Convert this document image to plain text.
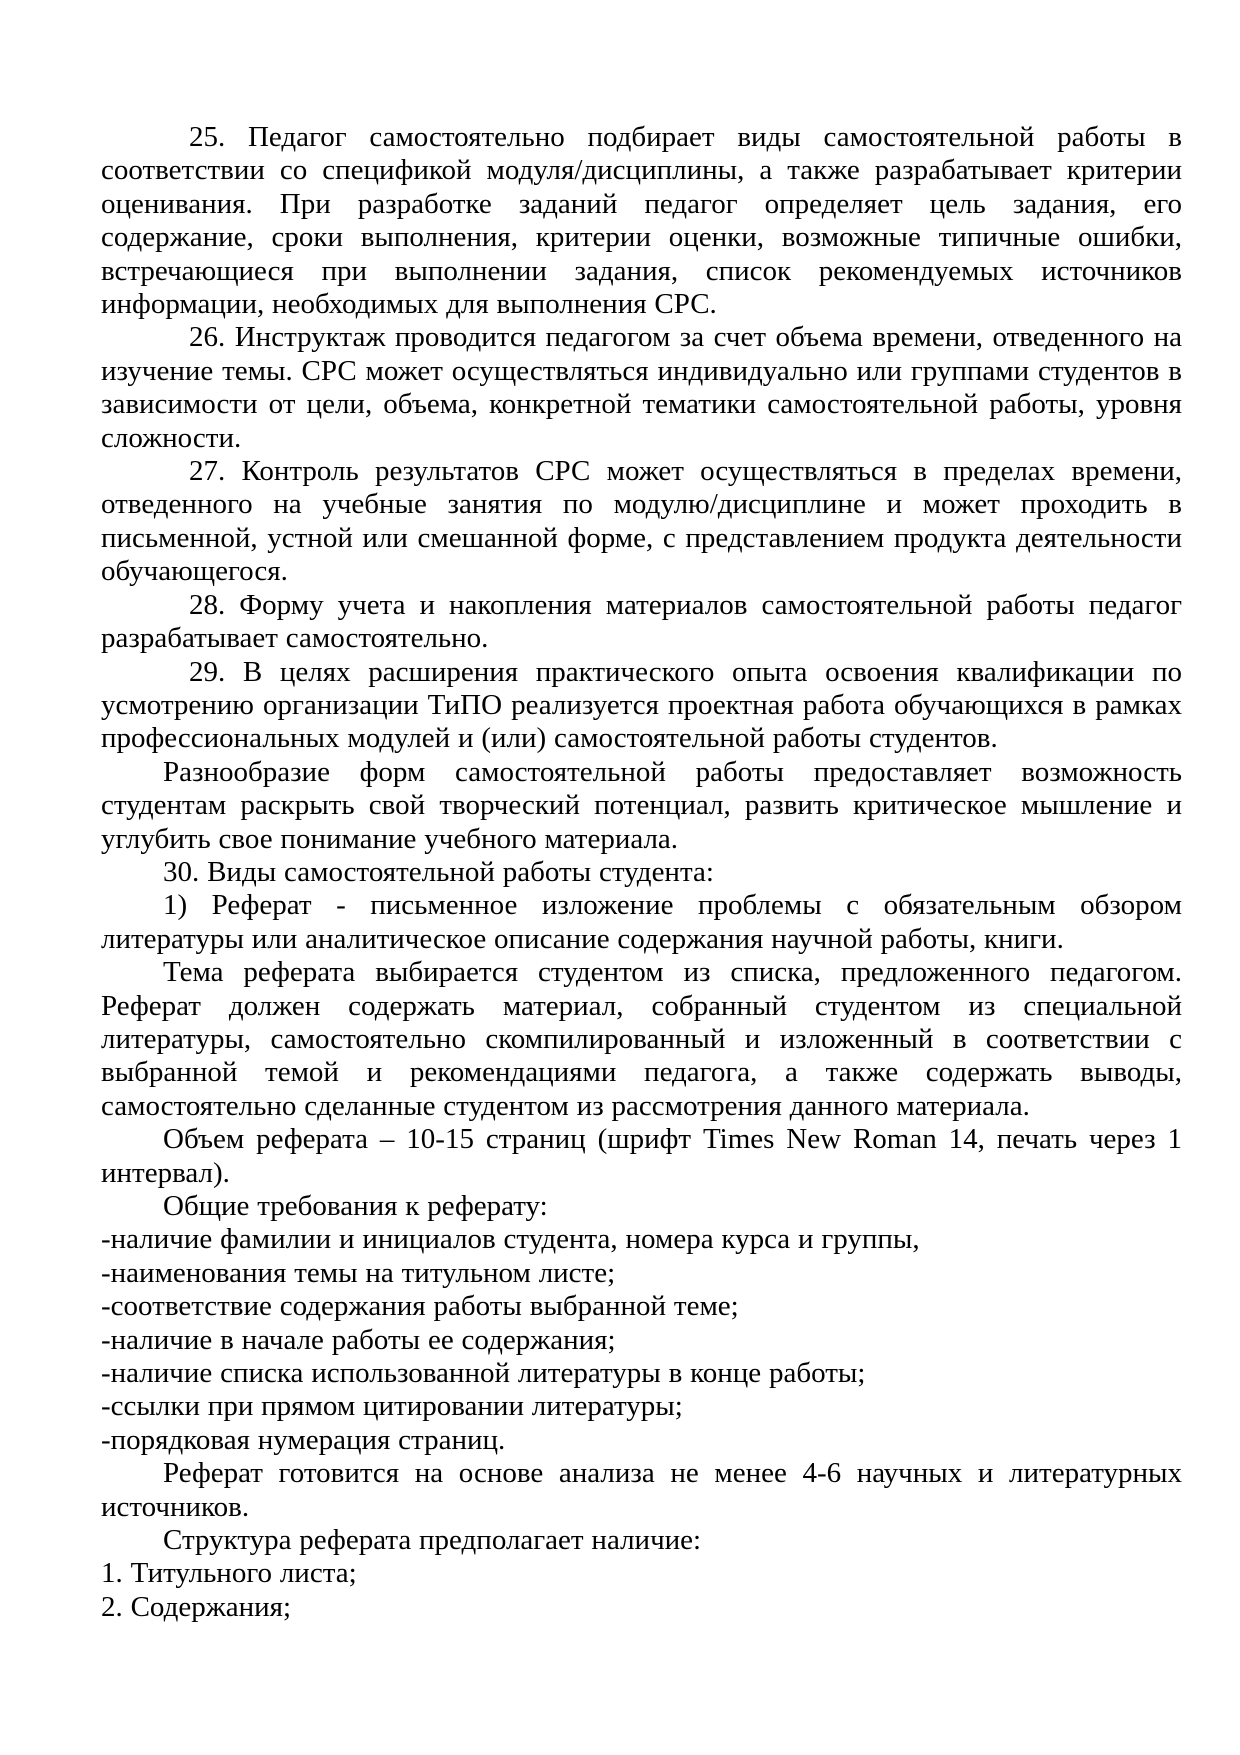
25. Педагог самостоятельно подбирает виды самостоятельной работы в соответствии со спецификой модуля/дисциплины, а также разрабатывает критерии оценивания. При разработке заданий педагог определяет цель задания, его содержание, сроки выполнения, критерии оценки, возможные типичные ошибки, встречающиеся при выполнении задания, список рекомендуемых источников информации, необходимых для выполнения СРС.

26. Инструктаж проводится педагогом за счет объема времени, отведенного на изучение темы. СРС может осуществляться индивидуально или группами студентов в зависимости от цели, объема, конкретной тематики самостоятельной работы, уровня сложности.

27. Контроль результатов СРС может осуществляться в пределах времени, отведенного на учебные занятия по модулю/дисциплине и может проходить в письменной, устной или смешанной форме, с представлением продукта деятельности обучающегося.

28. Форму учета и накопления материалов самостоятельной работы педагог разрабатывает самостоятельно.

29. В целях расширения практического опыта освоения квалификации по усмотрению организации ТиПО реализуется проектная работа обучающихся в рамках профессиональных модулей и (или) самостоятельной работы студентов.

Разнообразие форм самостоятельной работы предоставляет возможность студентам раскрыть свой творческий потенциал, развить критическое мышление и углубить свое понимание учебного материала.

30. Виды самостоятельной работы студента:

1) Реферат - письменное изложение проблемы с обязательным обзором литературы или аналитическое описание содержания научной работы, книги.

Тема реферата выбирается студентом из списка, предложенного педагогом. Реферат должен содержать материал, собранный студентом из специальной литературы, самостоятельно скомпилированный и изложенный в соответствии с выбранной темой и рекомендациями педагога, а также содержать выводы, самостоятельно сделанные студентом из рассмотрения данного материала.

Объем реферата – 10-15 страниц (шрифт Times New Roman 14, печать через 1 интервал).

Общие требования к реферату:

-наличие фамилии и инициалов студента, номера курса и группы,

-наименования темы на титульном листе;

-соответствие содержания работы выбранной теме;

-наличие в начале работы ее содержания;

-наличие списка использованной литературы в конце работы;

-ссылки при прямом цитировании литературы;

-порядковая нумерация страниц.

Реферат готовится на основе анализа не менее 4-6 научных и литературных источников.

Структура реферата предполагает наличие:

1. Титульного листа;

2. Содержания;
